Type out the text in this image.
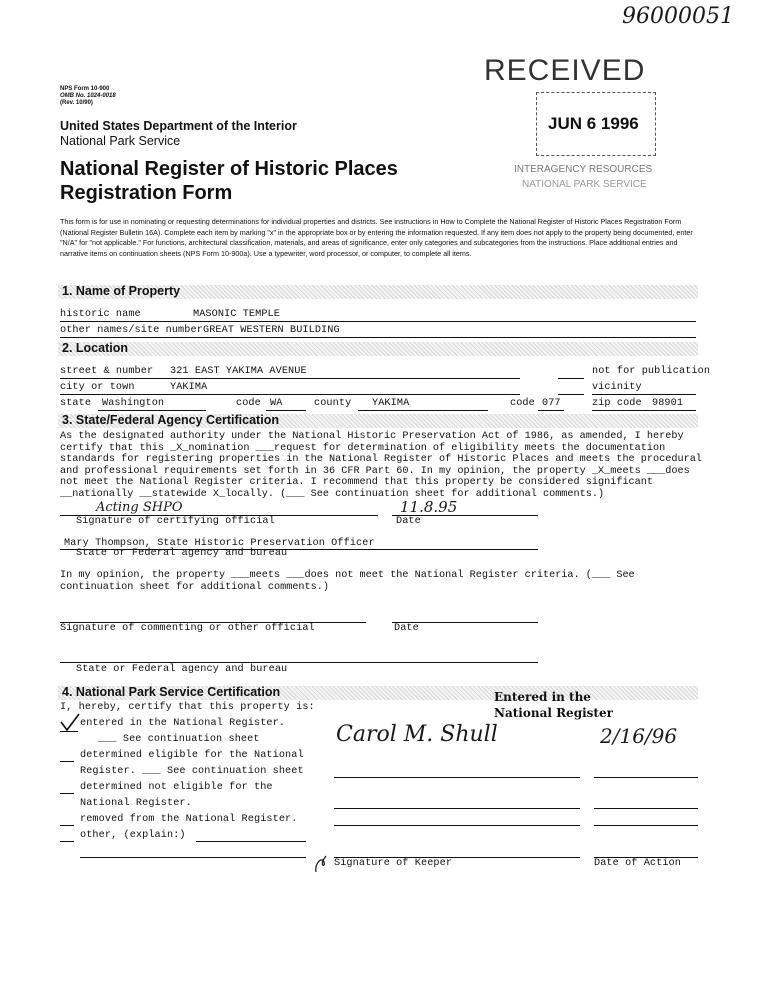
96000051
RECEIVED
JUN 6 1996
INTERAGENCY RESOURCES
NATIONAL PARK SERVICE
NPS Form 10-900
OMB No. 1024-0018
(Rev. 10/90)
United States Department of the Interior
National Park Service
National Register of Historic Places
Registration Form
This form is for use in nominating or requesting determinations for individual properties and districts. See instructions in How to Complete the National Register of Historic Places Registration Form (National Register Bulletin 16A). Complete each item by marking "x" in the appropriate box or by entering the information requested. If any item does not apply to the property being documented, enter "N/A" for "not applicable." For functions, architectural classification, materials, and areas of significance, enter only categories and subcategories from the instructions. Place additional entries and narrative items on continuation sheets (NPS Form 10-900a). Use a typewriter, word processor, or computer, to complete all items.
1. Name of Property
historic name	MASONIC TEMPLE
other names/site number GREAT WESTERN BUILDING
2. Location
street & number 321 EAST YAKIMA AVENUE	not for publication
city or town	YAKIMA	vicinity
state Washington	code WA	county YAKIMA	code 077	zip code 98901
3. State/Federal Agency Certification
As the designated authority under the National Historic Preservation Act of 1986, as amended, I hereby certify that this _X_nomination ___request for determination of eligibility meets the documentation standards for registering properties in the National Register of Historic Places and meets the procedural and professional requirements set forth in 36 CFR Part 60. In my opinion, the property _X_meets ___does not meet the National Register criteria. I recommend that this property be considered significant __nationally __statewide X_locally. (___ See continuation sheet for additional comments.)
Acting SHPO	11.8.95
Signature of certifying official	Date
Mary Thompson, State Historic Preservation Officer
State or Federal agency and bureau
In my opinion, the property ___meets ___does not meet the National Register criteria. (___ See continuation sheet for additional comments.)
Signature of commenting or other official	Date
State or Federal agency and bureau
4. National Park Service Certification
I, hereby, certify that this property is:
Entered in the
National Register
entered in the National Register.
___ See continuation sheet
determined eligible for the National
Register. ___ See continuation sheet
determined not eligible for the
National Register.
removed from the National Register.
other, (explain:)
Carol M. Shull	2/16/96
Signature of Keeper	Date of Action
